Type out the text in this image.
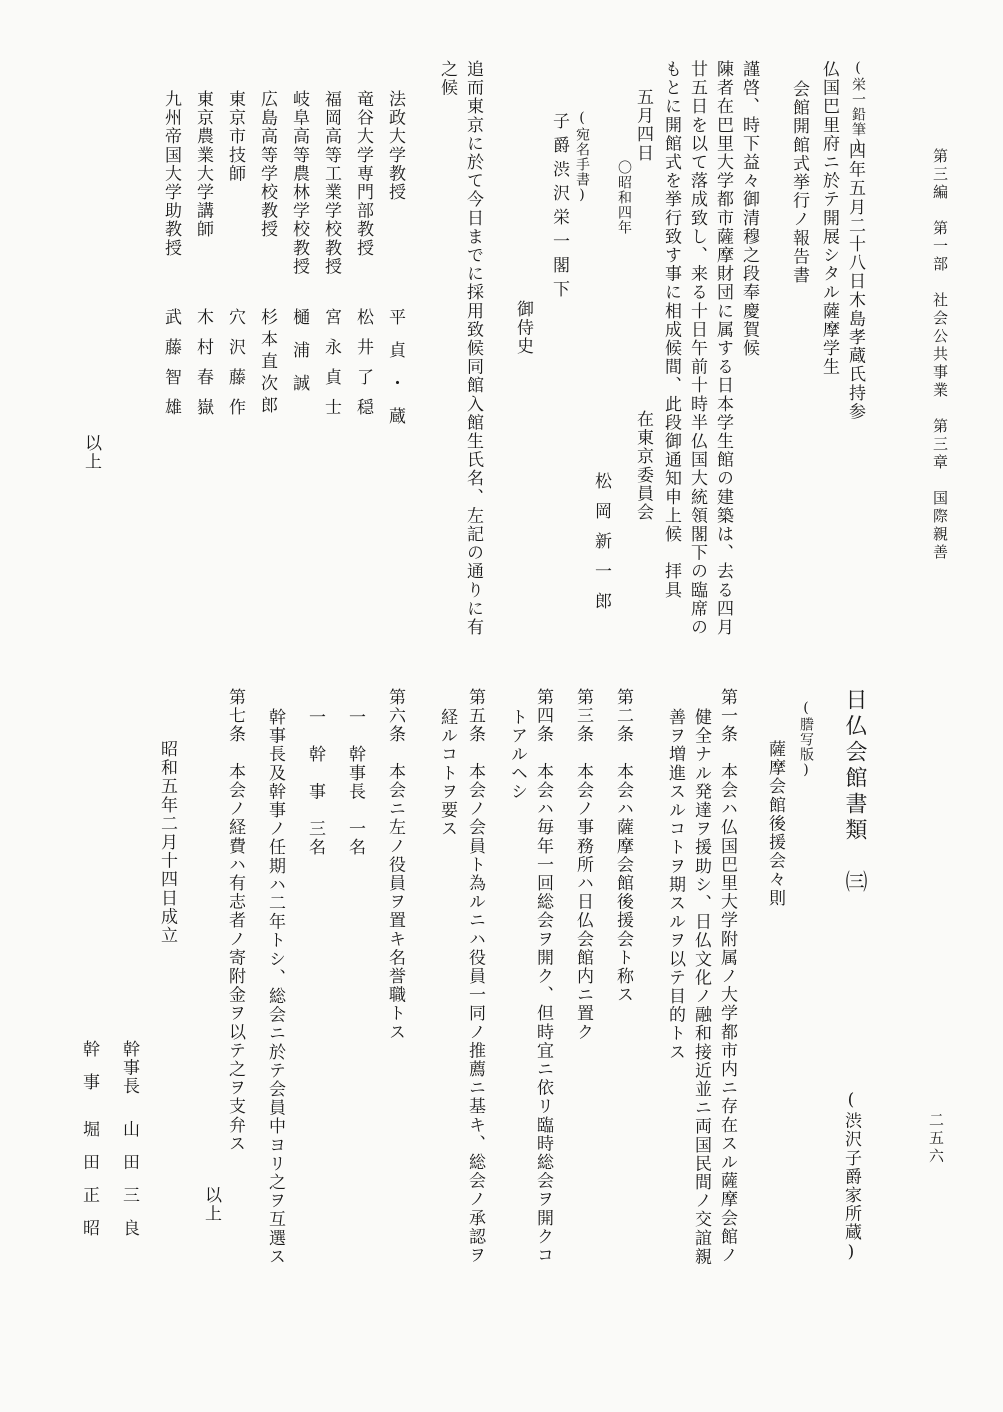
第三編　第一部　社会公共事業　第三章　国際親善
二五六
(栄一鉛筆)
四年五月二十八日木島孝蔵氏持参
仏国巴里府ニ於テ開展シタル薩摩学生
会館開館式挙行ノ報告書
謹啓、時下益々御清穆之段奉慶賀候
陳者在巴里大学都市薩摩財団に属する日本学生館の建築は、去る四月
廿五日を以て落成致し、来る十日午前十時半仏国大統領閣下の臨席の
もとに開館式を挙行致す事に相成候間、此段御通知申上候　拝具
在東京委員会
五月四日
〇昭和四年
松岡新一郎
(宛名手書)
子爵渋沢栄一閣下
御侍史
追而東京に於て今日までに採用致候同館入館生氏名、左記の通りに有
之候
法政大学教授
平貞・蔵
竜谷大学専門部教授
松井了穏
福岡高等工業学校教授
宮永貞士
岐阜高等農林学校教授
樋浦誠
広島高等学校教授
杉本直次郎
東京市技師
穴沢藤作
東京農業大学講師
木村春嶽
九州帝国大学助教授
武藤智雄
以上
日仏会館書類　㈢
(渋沢子爵家所蔵)
(謄写版)
薩摩会館後援会々則
第一条　本会ハ仏国巴里大学附属ノ大学都市内ニ存在スル薩摩会館ノ
健全ナル発達ヲ援助シ、日仏文化ノ融和接近並ニ両国民間ノ交誼親
善ヲ増進スルコトヲ期スルヲ以テ目的トス
第二条　本会ハ薩摩会館後援会ト称ス
第三条　本会ノ事務所ハ日仏会館内ニ置ク
第四条　本会ハ毎年一回総会ヲ開ク、但時宜ニ依リ臨時総会ヲ開クコ
トアルヘシ
第五条　本会ノ会員ト為ルニハ役員一同ノ推薦ニ基キ、総会ノ承認ヲ
経ルコトヲ要ス
第六条　本会ニ左ノ役員ヲ置キ名誉職トス
一　幹事長　一名
一　幹　事　三名
幹事長及幹事ノ任期ハ二年トシ、総会ニ於テ会員中ヨリ之ヲ互選ス
第七条　本会ノ経費ハ有志者ノ寄附金ヲ以テ之ヲ支弁ス
以上
昭和五年二月十四日成立
幹事長
山田三良
幹事
堀田正昭
